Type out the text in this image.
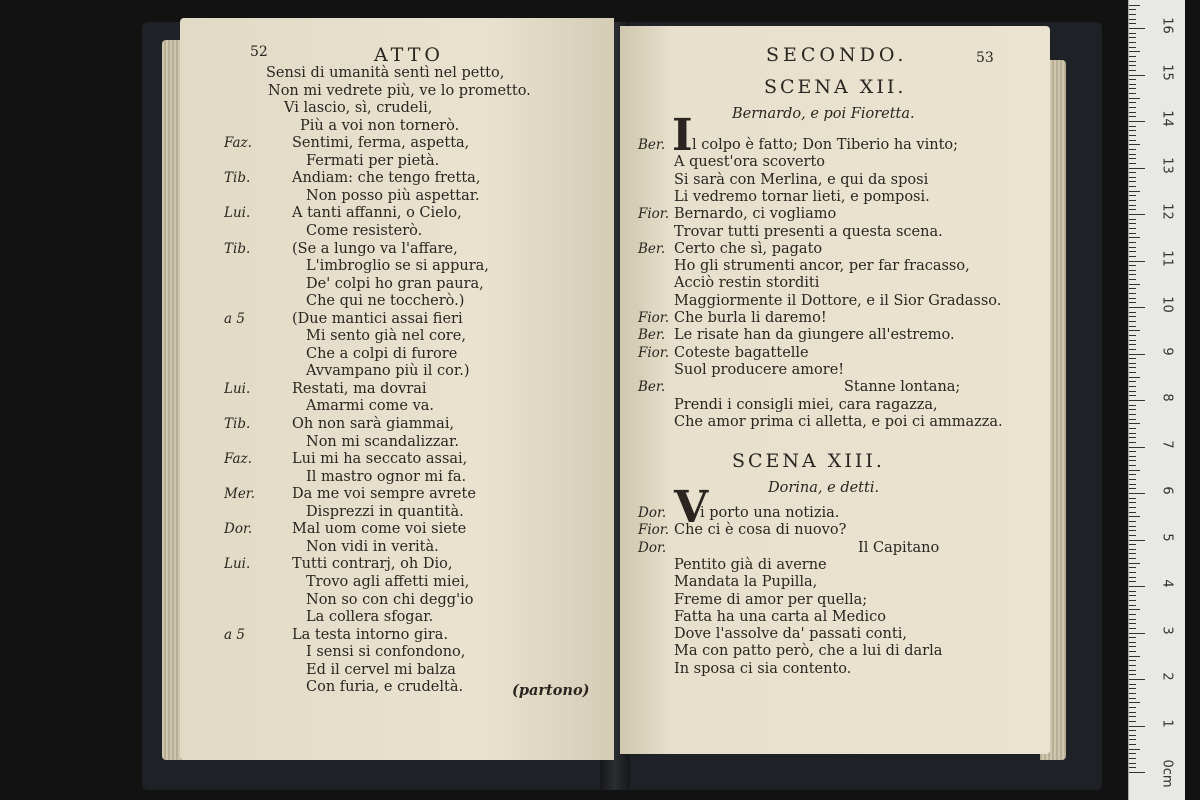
52	ATTO
Sensi di umanità sentì nel petto,
Non mi vedrete più, ve lo prometto.
Vi lascio, sì, crudeli,
Più a voi non tornerò.
Faz.	Sentimi, ferma, aspetta,
Fermati per pietà.
Tib.	Andiam: che tengo fretta,
Non posso più aspettar.
Lui.	A tanti affanni, o Cielo,
Come resisterò.
Tib.	(Se a lungo va l'affare,
L'imbroglio se si appura,
De' colpi ho gran paura,
Che qui ne toccherò.)
a 5	(Due mantici assai fieri
Mi sento già nel core,
Che a colpi di furore
Avvampano più il cor.)
Lui.	Restati, ma dovrai
Amarmi come va.
Tib.	Oh non sarà giammai,
Non mi scandalizzar.
Faz.	Lui mi ha seccato assai,
Il mastro ognor mi fa.
Mer.	Da me voi sempre avrete
Disprezzi in quantità.
Dor.	Mal uom come voi siete
Non vidi in verità.
Lui.	Tutti contrarj, oh Dio,
Trovo agli affetti miei,
Non so con chi degg'io
La collera sfogar.
a 5	La testa intorno gira.
I sensi si confondono,
Ed il cervel mi balza
Con furia, e crudeltà.	(partono)
SECONDO.	53
SCENA XII.
Bernardo, e poi Fioretta.
I
Ber. l colpo è fatto; Don Tiberio ha vinto;
A quest'ora scoverto
Si sarà con Merlina, e qui da sposi
Li vedremo tornar lieti, e pomposi.
Fior. Bernardo, ci vogliamo
Trovar tutti presenti a questa scena.
Ber. Certo che sì, pagato
Ho gli strumenti ancor, per far fracasso,
Acciò restin storditi
Maggiormente il Dottore, e il Sior Gradasso.
Fior. Che burla li daremo!
Ber. Le risate han da giungere all'estremo.
Fior. Coteste bagattelle
Suol producere amore!
Ber.	Stanne lontana;
Prendi i consigli miei, cara ragazza,
Che amor prima ci alletta, e poi ci ammazza.
SCENA XIII.
Dorina, e detti.
V
Dor. i porto una notizia.
Fior. Che ci è cosa di nuovo?
Dor.	Il Capitano
Pentito già di averne
Mandata la Pupilla,
Freme di amor per quella;
Fatta ha una carta al Medico
Dove l'assolve da' passati conti,
Ma con patto però, che a lui di darla
In sposa ci sia contento.
0cm
1
2
3
4
5
6
7
8
9
10
11
12
13
14
15
16
